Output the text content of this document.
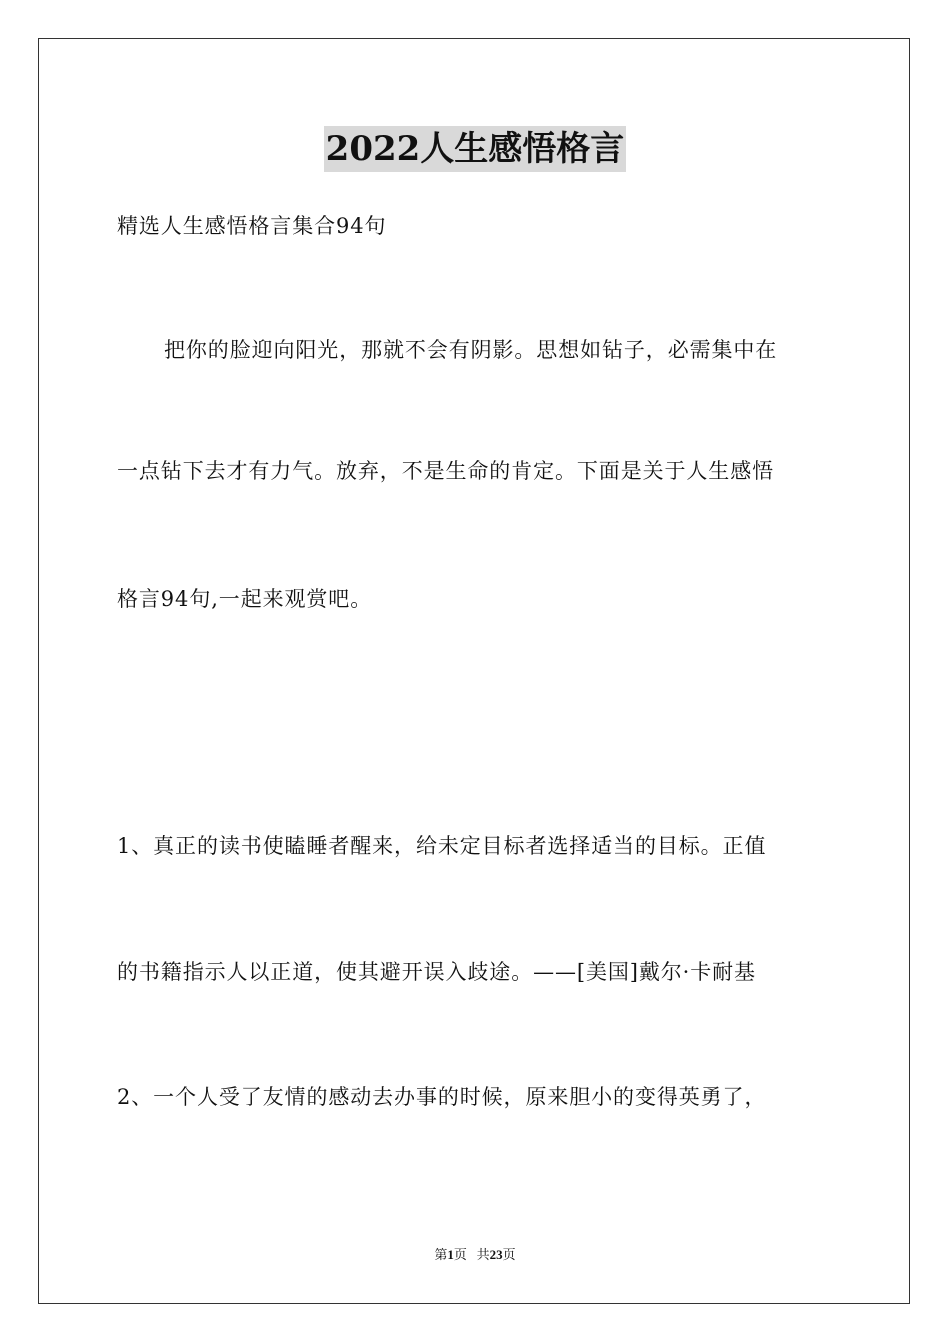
2022人生感悟格言
精选人生感悟格言集合94句
把你的脸迎向阳光，那就不会有阴影。思想如钻子，必需集中在
一点钻下去才有力气。放弃，不是生命的肯定。下面是关于人生感悟
格言94句,一起来观赏吧。
1、真正的读书使瞌睡者醒来，给未定目标者选择适当的目标。正值
的书籍指示人以正道，使其避开误入歧途。——[美国]戴尔·卡耐基
2、一个人受了友情的感动去办事的时候，原来胆小的变得英勇了，
第1页 共23页
